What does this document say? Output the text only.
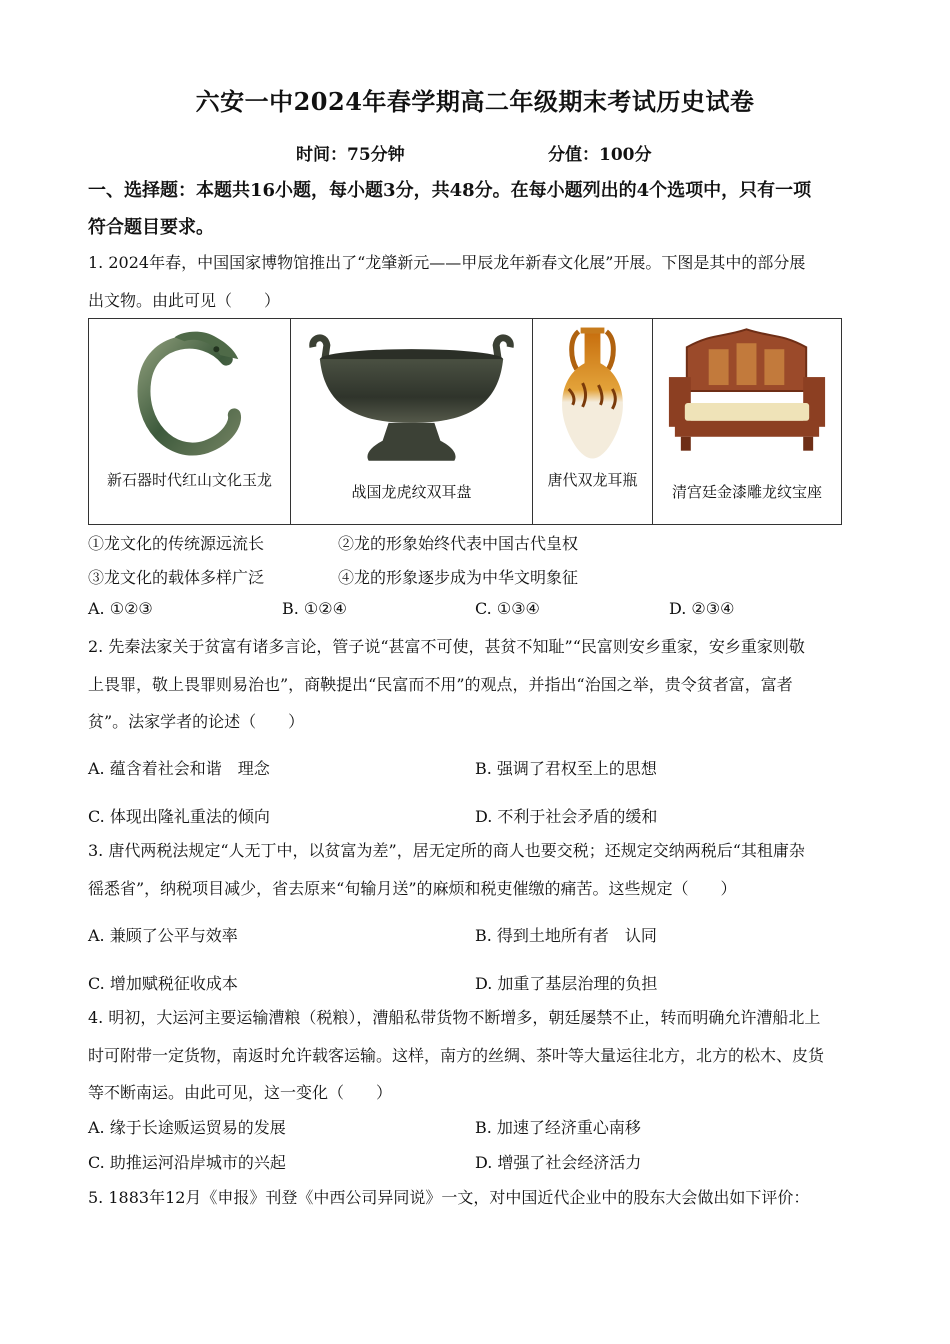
六安一中2024年春学期高二年级期末考试历史试卷
时间：75分钟	分值：100分
一、选择题：本题共16小题，每小题3分，共48分。在每小题列出的4个选项中，只有一项
符合题目要求。
1. 2024年春，中国国家博物馆推出了“龙肇新元——甲辰龙年新春文化展”开展。下图是其中的部分展
出文物。由此可见（　　）
新石器时代红山文化玉龙

战国龙虎纹双耳盘

唐代双龙耳瓶

清宫廷金漆雕龙纹宝座
①龙文化的传统源远流长	②龙的形象始终代表中国古代皇权
③龙文化的载体多样广泛	④龙的形象逐步成为中华文明象征
A. ①②③	B. ①②④	C. ①③④	D. ②③④
2. 先秦法家关于贫富有诸多言论，管子说“甚富不可使，甚贫不知耻”“民富则安乡重家，安乡重家则敬
上畏罪，敬上畏罪则易治也”，商鞅提出“民富而不用”的观点，并指出“治国之举，贵令贫者富，富者
贫”。法家学者的论述（　　）
A. 蕴含着社会和谐　理念	B. 强调了君权至上的思想
C. 体现出隆礼重法的倾向	D. 不利于社会矛盾的缓和
3. 唐代两税法规定“人无丁中，以贫富为差”，居无定所的商人也要交税；还规定交纳两税后“其租庸杂
徭悉省”，纳税项目减少，省去原来“旬输月送”的麻烦和税吏催缴的痛苦。这些规定（　　）
A. 兼顾了公平与效率	B. 得到土地所有者　认同
C. 增加赋税征收成本	D. 加重了基层治理的负担
4. 明初，大运河主要运输漕粮（税粮），漕船私带货物不断增多，朝廷屡禁不止，转而明确允许漕船北上
时可附带一定货物，南返时允许载客运输。这样，南方的丝绸、茶叶等大量运往北方，北方的松木、皮货
等不断南运。由此可见，这一变化（　　）
A. 缘于长途贩运贸易的发展	B. 加速了经济重心南移
C. 助推运河沿岸城市的兴起	D. 增强了社会经济活力
5. 1883年12月《申报》刊登《中西公司异同说》一文，对中国近代企业中的股东大会做出如下评价：
